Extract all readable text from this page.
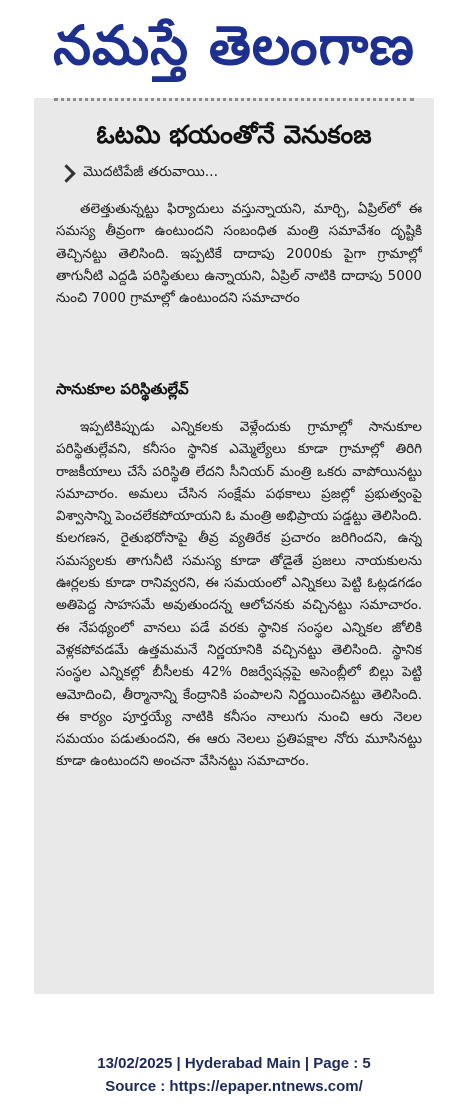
నమస్తే తెలంగాణ
ఓటమి భయంతోనే వెనుకంజ
మొదటిపేజీ తరువాయి...
తలెత్తుతున్నట్టు ఫిర్యాదులు వస్తున్నాయని, మార్చి, ఏప్రిల్‌లో ఈ సమస్య తీవ్రంగా ఉంటుందని సంబంధిత మంత్రి సమావేశం దృష్టికి తెచ్చినట్టు తెలిసింది. ఇప్పటికే దాదాపు 2000కు పైగా గ్రామాల్లో తాగునీటి ఎద్దడి పరిస్థితులు ఉన్నాయని, ఏప్రిల్ నాటికి దాదాపు 5000 నుంచి 7000 గ్రామాల్లో ఉంటుందని సమాచారం
సానుకూల పరిస్థితుల్లేవ్
ఇప్పటికిప్పుడు ఎన్నికలకు వెళ్లేందుకు గ్రామాల్లో సానుకూల పరిస్థితుల్లేవని, కనీసం స్థానిక ఎమ్మెల్యేలు కూడా గ్రామాల్లో తిరిగి రాజకీయాలు చేసే పరిస్థితి లేదని సీనియర్ మంత్రి ఒకరు వాపోయినట్టు సమాచారం. అమలు చేసిన సంక్షేమ పథకాలు ప్రజల్లో ప్రభుత్వంపై విశ్వాసాన్ని పెంచలేకపోయాయని ఓ మంత్రి అభిప్రాయ పడ్డట్టు తెలిసింది. కులగణన, రైతుభరోసాపై తీవ్ర వ్యతిరేక ప్రచారం జరిగిందని, ఉన్న సమస్యలకు తాగునీటి సమస్య కూడా తోడైతే ప్రజలు నాయకులను ఊర్లలకు కూడా రానివ్వరని, ఈ సమయంలో ఎన్నికలు పెట్టి ఓట్లడగడం అతిపెద్ద సాహసమే అవుతుందన్న ఆలోచనకు వచ్చినట్టు సమాచారం. ఈ నేపథ్యంలో వానలు పడే వరకు స్థానిక సంస్థల ఎన్నికల జోలికి వెళ్లకపోవడమే ఉత్తమమనే నిర్ణయానికి వచ్చినట్టు తెలిసింది. స్థానిక సంస్థల ఎన్నికల్లో బీసీలకు 42% రిజర్వేషన్లపై అసెంబ్లీలో బిల్లు పెట్టి ఆమోదించి, తీర్మానాన్ని కేంద్రానికి పంపాలని నిర్ణయించినట్టు తెలిసింది. ఈ కార్యం పూర్తయ్యే నాటికి కనీసం నాలుగు నుంచి ఆరు నెలల సమయం పడుతుందని, ఈ ఆరు నెలలు ప్రతిపక్షాల నోరు మూసినట్టు కూడా ఉంటుందని అంచనా వేసినట్టు సమాచారం.
13/02/2025 | Hyderabad Main | Page : 5
Source : https://epaper.ntnews.com/
